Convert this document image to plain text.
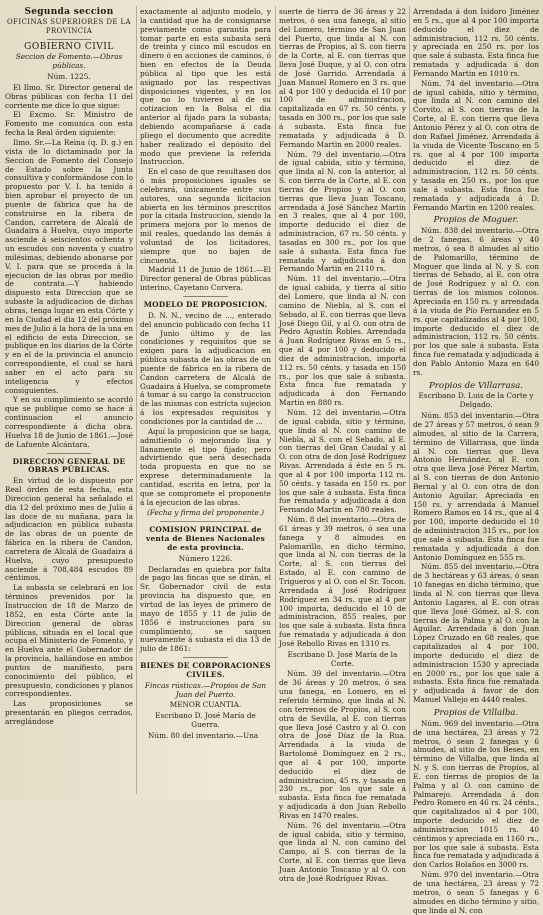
Segunda seccion
OFICINAS SUPERIORES DE LA PROVINCIA
GOBIERNO CIVIL
Seccion de Fomento.—Obras públicas.
Núm. 1225.

El Ilmo. Sr. Director general de Obras públicas con fecha 11 del corriente me dice lo que sigue:

El Excmo. Sr. Ministro de Fomento me comunica con esta fecha la Real órden siguiente:

Ilmo. Sr.—La Reina (q. D. g.) en vista de lo dictaminado por la Seccion de Fomento del Consejo de Estado sobre la Junta consultiva y conformándose con lo propuesto por V. I. ha tenido á bien aprobar el proyecto de un puente de fábrica que ha de construirse en la ribera de Candon, carretera de Alcalá de Guadaira á Huelva, cuyo importe asciende á seiscientos ochenta y un escudos con noventa y cuatro milésimas, debiendo abonarse por V. I. para que se proceda á la ejecucion de las obras por medio de contrata.—Y habiendo dispuesto esta Direccion que se subaste la adjudicacion de dichas obras, tenga lugar en esta Córte y en la Ciudad el dia 12 del próximo mes de Julio á la hora de la una en el edificio de esta Direccion, se publique en los diarios de la Córte y en el de la provincia el anuncio correspondiente, el cual se hará saber en el acto para su inteligencia y efectos consiguientes.

Y en su cumplimiento se acordó que se publique como se hace á continuacion el anuncio correspondiente á dicha obra. Huelva 18 de Junio de 1861.—José de Lafuente Alcántara.

DIRECCION GENERAL DE OBRAS PÚBLICAS.

En virtud de lo dispuesto por Real órden de esta fecha, esta Direccion general ha señalado el dia 12 del próximo mes de Julio á las doce de su mañana, para la adjudicacion en pública subasta de las obras de un puente de fábrica en la ribera de Candon, carretera de Alcalá de Guadaira á Huelva, cuyo presupuesto asciende á 708,484 escudos 89 céntimos.

La subasta se celebrará en los términos prevenidos por la Instruccion de 18 de Marzo de 1852, en esta Córte ante la Direccion general de obras públicas, situada en el local que ocupa el Ministerio de Fomento, y en Huelva ante el Gobernador de la provincia, hallándose en ambos puntos de manifiesto, para conocimiento del público, el presupuesto, condiciones y planos correspondientes.

Las proposiciones se presentarán en pliegos cerrados, arreglándose

exactamente al adjunto modelo, y la cantidad que ha de consignarse previamente como garantía para tomar parte en esta subasta será de treinta y cinco mil escudos en dinero ó en acciones de caminos, ó bien en efectos de la Deuda pública al tipo que les está asignado por las respectivas disposiciones vigentes, y en los que no lo tuvieren al de su cotizacion en la Bolsa el dia anterior al fijado para la subasta; debiendo acompañarse á cada pliego el documento que acredite haber realizado el depósito del modo que previene la referida Instruccion.

En el caso de que resultasen dos ó más proposiciones iguales se celebrará, únicamente entre sus autores, una segunda licitacion abierta en los términos prescritos por la citada Instruccion, siendo la primera mejora por lo menos de mil reales, quedando las demás á voluntad de los licitadores, siempre que no bajen de cincuenta.

Madrid 11 de Junio de 1861.—El Director general de Obras públicas interino, Cayetano Corvera.

MODELO DE PROPOSICION.

D. N. N., vecino de ..., enterado del anuncio publicado con fecha 11 de Junio último y de las condiciones y requisitos que se exigen para la adjudicacion en pública subasta de las obras de un puente de fábrica en la ribera de Candon carretera de Alcalá de Guadaira á Huelva, se compromete á tomar á su cargo la construccion de las mismas con estricta sujecion á los expresados requisitos y condiciones por la cantidad de ...

Aquí la proposicion que se haga, admitiendo ó mejorando lisa y llanamente el tipo fijado; pero advirtiendo que será desechada toda propuesta en que no se exprese determinadamente la cantidad, escrita en letra, por la que se compromete el proponente á la ejecucion de las obras.

(Fecha y firma del proponente.)
COMISION PRINCIPAL de venta de Bienes Nacionales de esta provincia.
Número 1226.

Declaradas en quiebra por falta de pago las fincas que se dirán, el Sr. Gobernador civil de esta provincia ha dispuesto que, en virtud de las leyes de primero de mayo de 1855 y 11 de julio de 1856 é instrucciones para su cumplimiento, se saquen nuevamente á subasta el dia 13 de julio de 1861:

BIENES DE CORPORACIONES CIVILES.
Fincas rústicas.—Propios de San Juan del Puerto.
MENOR CUANTIA.
Escribano D. José María de Guerra.

Núm. 80 del inventario.—Una

suerte de tierra de 36 áreas y 22 metros, ó sea una fanega, al sitio del Lomero, término de San Juan del Puerto, que linda al N. con tierras de Propios, al S. con tierra de la Corte, al E. con tierras que lleva José Duque, y al O. con otra de José Garrido. Arrendada á Juan Manuel Romero en 3 rs. que al 4 por 100 y deducida el 10 por 100 de administracion, capitalizada en 67 rs. 50 cénts. y tasada en 300 rs., por los que sale á subasta. Esta finca fue rematada y adjudicada á D. Fernando Martin en 2000 reales.

Núm. 79 del inventario.—Otra de igual cabida, sitio y término, que linda al N. con la anterior, al S. con tierra de la Corte, al E. con tierras de Propios y al O. con tierras que lleva Juan Toscano, arrendada á José Sánchez Martin en 3 reales, que al 4 por 100, importe deducido el diez de administracion, 67 rs. 50 cénts. y tasadas en 300 rs., por los que sale á subasta. Esta finca fue rematada y adjudicada á don Fernando Martin en 2110 rs.

Núm. 11 del inventario.—Otra de igual cabida, y tierra al sitio del Lomero, que linda al N. con camino de Niebla, al S. con el Sebado, al E. con tierras que lleva José Diego Gil, y al O. con otra de Pedro Agustín Robles. Arrendada á Juan Rodríguez Rivas en 5 rs., que al 4 por 100 y deducido el diez de administracion, importa 112 rs. 50 cénts. y tasada en 150 rs., por los que sale á subasta. Esta finca fue rematada y adjudicada á don Fernando Martin en 880 rs.

Núm. 12 del inventario.—Otra de igual cabida, sitio y término, que linda al N. con camino de Niebla, al S. con el Sebado, al E. con tierras del Gran Caudal y al O. con otra de don José Rodríguez Rivas. Arrendada á éste en 5 rs. que al 4 por 100 importa 112 rs. 50 cénts. y tasada en 150 rs. por los que sale á subasta. Esta finca fue rematada y adjudicada á don Fernando Martin en 780 reales.

Núm. 8 del inventario.—Otra de 61 áreas y 39 metros, ó sea una fanega y 8 almudes en Palomarillo, en dicho término, que linda al N. con tierras de la Corte, al S. con tierras del Estado, al E. con camino de Trigueros y al O. con el Sr. Tocon. Arrendada á José Rodríguez Rodríguez en 34 rs. que al 4 por 100 importa, deducido el 10 de administracion, 855 reales, por los que sale á subasta. Esta finca fue rematada y adjudicada á don José Rebollo Rivas en 1310 rs.

Escribano D. José María de la Corte.

Núm. 39 del inventario.—Otra de 36 áreas y 20 metros, ó sea una fanega, en Lomero, en el referido término, que linda al N. con terrenos de Propios, al S. con otra de Sevilla, al E. con tierras que lleva José Castro y al O. con otra de José Díaz de la Rua. Arrendada á la viuda de Bartolomé Domínguez en 2 rs., que al 4 por 100, importe deducido el diez de administracion, 45 rs. y tasada en 230 rs., por los que sale á subasta. Esta finca fue rematada y adjudicada á don Juan Rebollo Rivas en 1470 reales.

Núm. 76 del inventario.—Otra de igual cabida, sitio y término, que linda al N. con camino del Campo, al S. con tierras de la Corte, al E. con tierras que lleva Juan Antonio Toscano y al O. con otra de José Rodríguez Rivas.

Arrendada á don Isidoro Jiménez en 5 rs., que al 4 por 100 importa deducido el diez de administracion, 112 rs. 50 cénts. y apreciada en 250 rs. por los que sale á subasta. Esta finca fue rematada y adjudicada á don Fernando Martin en 1010 rs.

Núm. 74 del inventario.—Otra de igual cabida, sitio y término, que linda al N. con camino del Corvito, al S. con tierras de la Corte, al E. con tierra que lleva Antonio Pérez y al O. con otra de don Rafael Jiménez. Arrendada á la viuda de Vicente Toscano en 5 rs. que al 4 por 100 importa deducido el diez de administracion, 112 rs. 50 cénts. y tasada en 250 rs., por los que sale á subasta. Esta finca fue rematada y adjudicada á D. Fernando Martin en 1200 reales.

Propios de Moguer.

Núm. 838 del inventario.—Otra de 2 fanegas, 6 áreas y 40 metros, ó sea 8 almudes al sitio de Palomarillo, término de Moguer que linda al N. y S. con tierras de Sebado, al E. con otra de José Rodríguez y al O. con tierras de los mismos colonos. Apreciada en 150 rs. y arrendada á la viuda de Pío Fernandez en 5 rs. que capitalizados al 4 por 100, importe deducido el diez de administracion, 112 rs. 50 cénts. por los que sale á subasta. Esta finca fue rematada y adjudicada á don Pablo Antonio Maza en 640 rs.

Propios de Villarrasa.
Escribano D. Luis de la Corte y Delgado.

Núm. 853 del inventario.—Otra de 27 áreas y 57 metros, ó sean 9 almudes, al sitio de la Carrera, término de Villarrasa, que linda al N. con tierras que lleva Antonio Hernández, al E. con otra que lleva José Pérez Martin, al S. con tierras de don Antonio Bernal y al O. con otra de don Antonio Aguilar. Apreciada en 150 rs. y arrendada á Manuel Romero Ramos en 14 rs., que al 4 por 100, importe deducido el 10 de administracion 315 rs., por los que sale á subasta. Esta finca fue rematada y adjudicada á don Antonio Domínguez en 555 rs.

Núm. 855 del inventario.—Otra de 3 hectáreas y 63 áreas, ó sean 10 fanegas en dicho término, que linda al N. con tierras que lleva Antonio Lagares, al E. con otras que lleva José Gómez, al S. con tierras de la Palma y al O. con la Aguilar. Arrendada á don Juan López Cruzado en 68 reales, que capitalizados al 4 por 100, importe deducido el diez de administracion 1530 y apreciada en 2000 rs., por los que sale á subasta. Esta finca fue rematada y adjudicada á favor de don Manuel Vallejo en 4440 reales.

Propios de Villalba.

Núm. 969 del inventario.—Otra de una hectárea, 23 áreas y 72 metros, ó sean 2 fanegas y 6 almudes, al sitio de los Beses, en término de Villalba, que linda al N. y S. con tierras de Propios, al E. con tierras de propios de la Palma y al O. con camino de Palmarejo. Arrendada á don Pedro Romero en 46 rs. 24 cénts., que capitalizados al 4 por 100, importe deducido el diez de administracion 1015 rs. 40 céntimos y apreciada en 1160 rs., por los que sale á subasta. Esta finca fue rematada y adjudicada á don Carlos Bolaños en 3000 rs.

Núm. 970 del inventario.—Otra de una hectárea, 23 áreas y 72 metros, ó sean 5 fanegas y 6 almudes en dicho término y sitio, que linda al N. con
